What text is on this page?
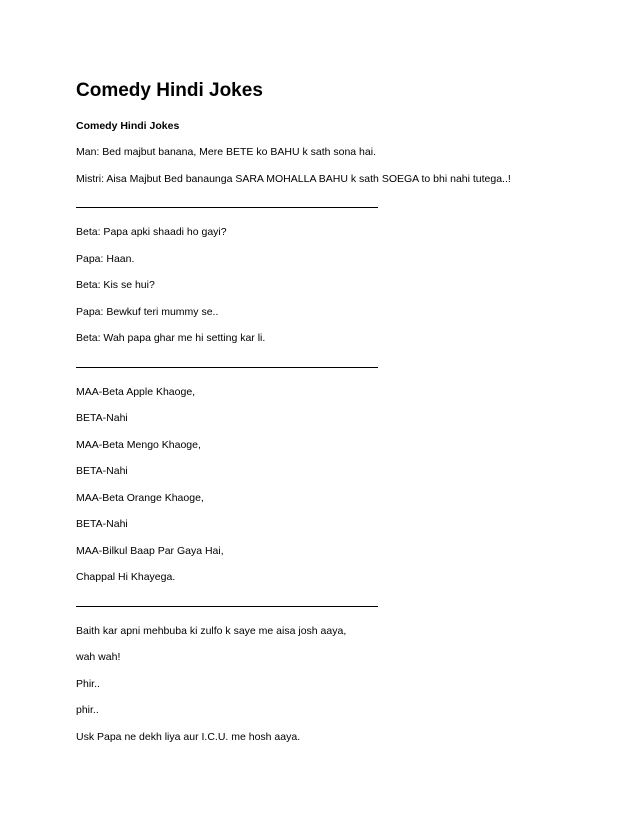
Comedy Hindi Jokes
Comedy Hindi Jokes
Man: Bed majbut banana, Mere BETE ko BAHU k sath sona hai.
Mistri: Aisa Majbut Bed banaunga SARA MOHALLA BAHU k sath SOEGA to bhi nahi tutega..!
Beta: Papa apki shaadi ho gayi?
Papa: Haan.
Beta: Kis se hui?
Papa: Bewkuf teri mummy se..
Beta: Wah papa ghar me hi setting kar li.
MAA-Beta Apple Khaoge,
BETA-Nahi
MAA-Beta Mengo Khaoge,
BETA-Nahi
MAA-Beta Orange Khaoge,
BETA-Nahi
MAA-Bilkul Baap Par Gaya Hai,
Chappal Hi Khayega.
Baith kar apni mehbuba ki zulfo k saye me aisa josh aaya,
wah wah!
Phir..
phir..
Usk Papa ne dekh liya aur I.C.U. me hosh aaya.
